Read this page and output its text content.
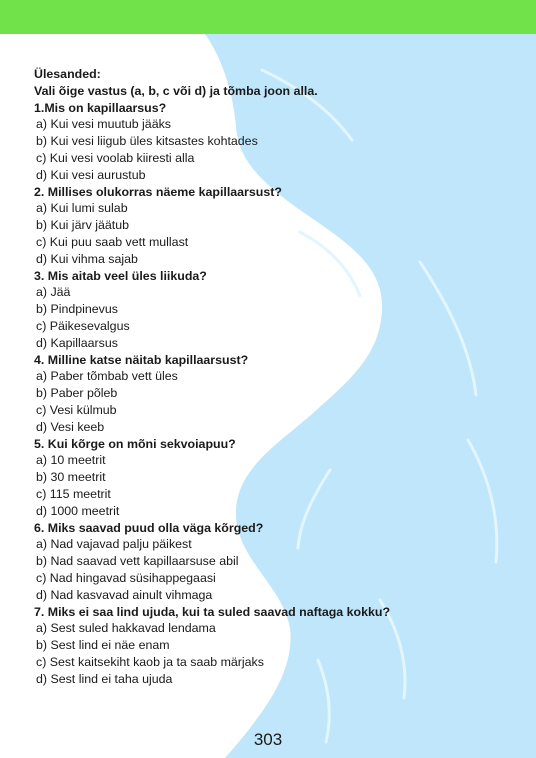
Ülesanded:
Vali õige vastus (a, b, c või d) ja tõmba joon alla.
1.Mis on kapillaarsus?
a) Kui vesi muutub jääks
b) Kui vesi liigub üles kitsastes kohtades
c) Kui vesi voolab kiiresti alla
d) Kui vesi aurustub
2. Millises olukorras näeme kapillaarsust?
a) Kui lumi sulab
b) Kui järv jäätub
c) Kui puu saab vett mullast
d) Kui vihma sajab
3. Mis aitab veel üles liikuda?
a) Jää
b) Pindpinevus
c) Päikesevalgus
d) Kapillaarsus
4. Milline katse näitab kapillaarsust?
a) Paber tõmbab vett üles
b) Paber põleb
c) Vesi külmub
d) Vesi keeb
5. Kui kõrge on mõni sekvoiapuu?
a) 10 meetrit
b) 30 meetrit
c) 115 meetrit
d) 1000 meetrit
6. Miks saavad puud olla väga kõrged?
a) Nad vajavad palju päikest
b) Nad saavad vett kapillaarsuse abil
c) Nad hingavad süsihappegaasi
d) Nad kasvavad ainult vihmaga
7. Miks ei saa lind ujuda, kui ta suled saavad naftaga kokku?
a) Sest suled hakkavad lendama
b) Sest lind ei näe enam
c) Sest kaitsekiht kaob ja ta saab märjaks
d) Sest lind ei taha ujuda
303
